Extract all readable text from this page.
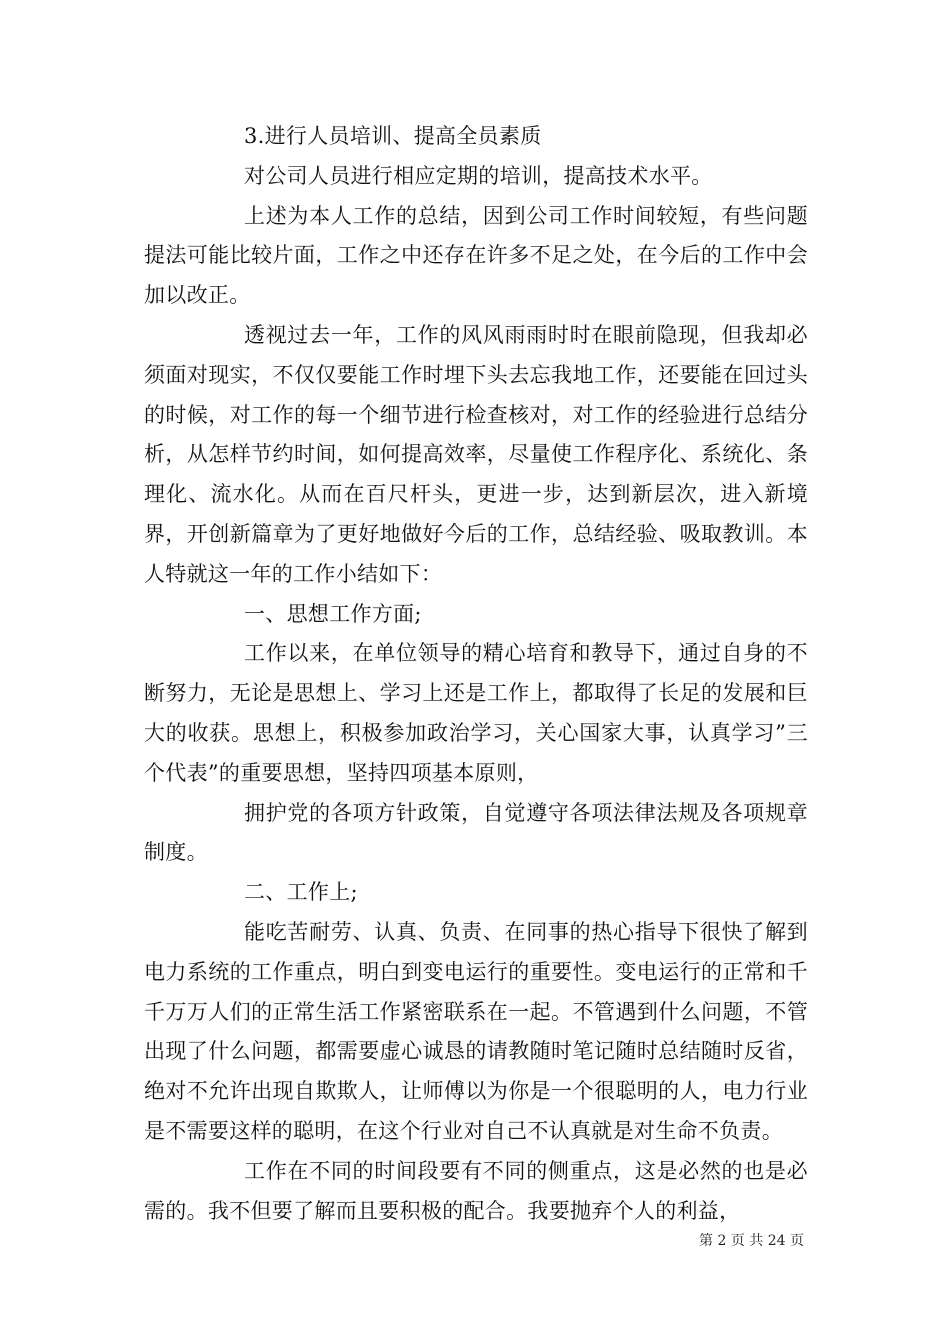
3.进行人员培训、提高全员素质

对公司人员进行相应定期的培训，提高技术水平。

上述为本人工作的总结，因到公司工作时间较短，有些问题提法可能比较片面，工作之中还存在许多不足之处，在今后的工作中会加以改正。

透视过去一年，工作的风风雨雨时时在眼前隐现，但我却必须面对现实，不仅仅要能工作时埋下头去忘我地工作，还要能在回过头的时候，对工作的每一个细节进行检查核对，对工作的经验进行总结分析，从怎样节约时间，如何提高效率，尽量使工作程序化、系统化、条理化、流水化。从而在百尺杆头，更进一步，达到新层次，进入新境界，开创新篇章为了更好地做好今后的工作，总结经验、吸取教训。本人特就这一年的工作小结如下：

一、思想工作方面;

工作以来，在单位领导的精心培育和教导下，通过自身的不断努力，无论是思想上、学习上还是工作上，都取得了长足的发展和巨大的收获。思想上，积极参加政治学习，关心国家大事，认真学习”三个代表”的重要思想，坚持四项基本原则，

拥护党的各项方针政策，自觉遵守各项法律法规及各项规章制度。

二、工作上;

能吃苦耐劳、认真、负责、在同事的热心指导下很快了解到电力系统的工作重点，明白到变电运行的重要性。变电运行的正常和千千万万人们的正常生活工作紧密联系在一起。不管遇到什么问题，不管出现了什么问题，都需要虚心诚恳的请教随时笔记随时总结随时反省，绝对不允许出现自欺欺人，让师傅以为你是一个很聪明的人，电力行业是不需要这样的聪明，在这个行业对自己不认真就是对生命不负责。

工作在不同的时间段要有不同的侧重点，这是必然的也是必需的。我不但要了解而且要积极的配合。我要抛弃个人的利益，

第 2 页 共 24 页
